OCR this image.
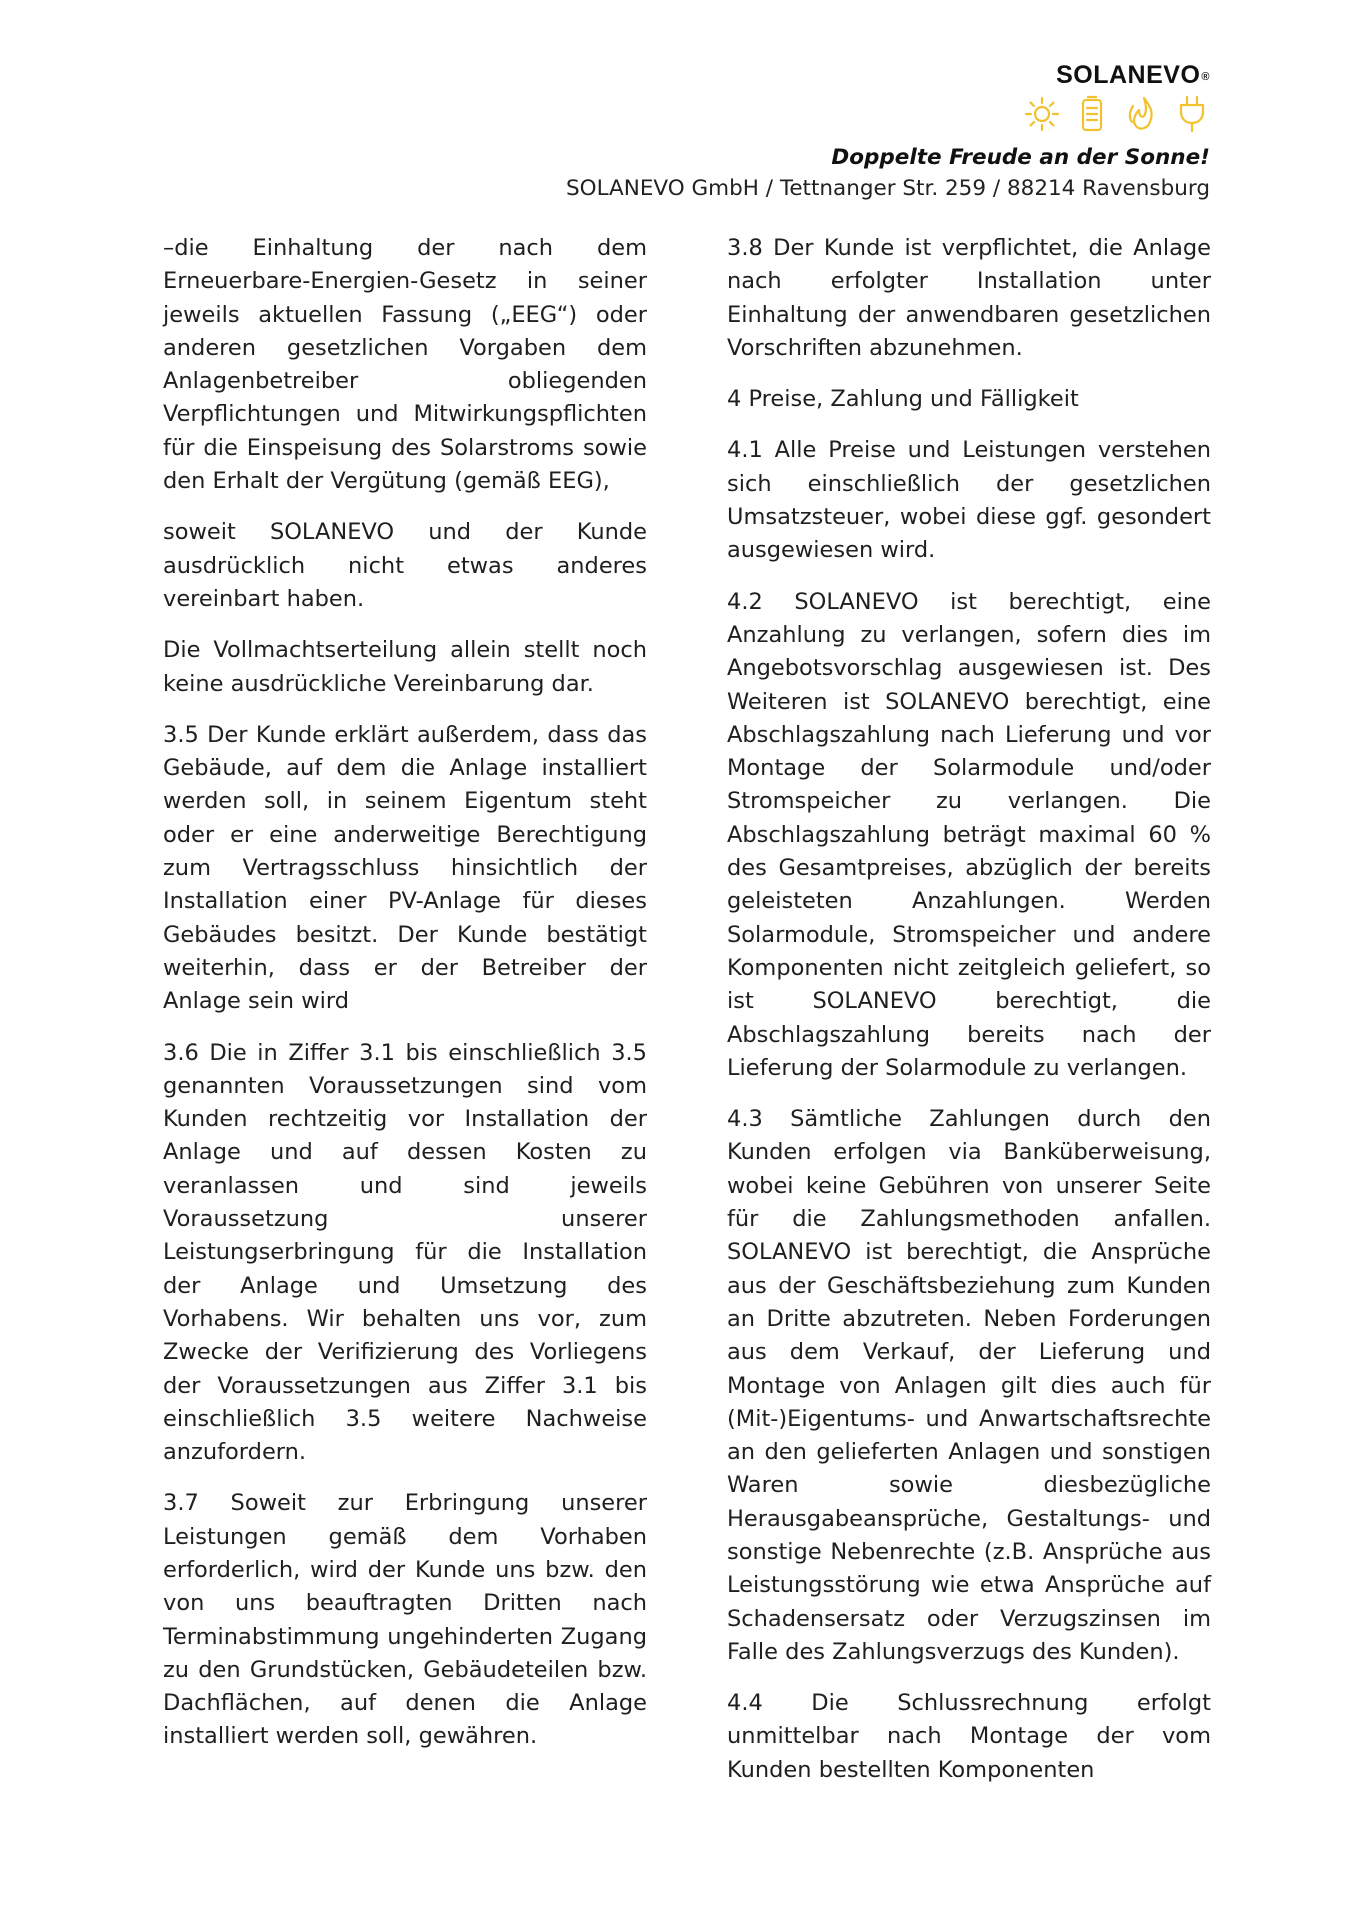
SOLANEVO®
Doppelte Freude an der Sonne!
SOLANEVO GmbH / Tettnanger Str. 259 / 88214 Ravensburg

–die Einhaltung der nach dem Erneuerbare-Energien-Gesetz in seiner jeweils aktuellen Fassung („EEG“) oder anderen gesetzlichen Vorgaben dem Anlagenbetreiber obliegenden Verpflichtungen und Mitwirkungspflichten für die Einspeisung des Solarstroms sowie den Erhalt der Vergütung (gemäß EEG),

soweit SOLANEVO und der Kunde ausdrücklich nicht etwas anderes vereinbart haben.

Die Vollmachtserteilung allein stellt noch keine ausdrückliche Vereinbarung dar.

3.5 Der Kunde erklärt außerdem, dass das Gebäude, auf dem die Anlage installiert werden soll, in seinem Eigentum steht oder er eine anderweitige Berechtigung zum Vertragsschluss hinsichtlich der Installation einer PV-Anlage für dieses Gebäudes besitzt. Der Kunde bestätigt weiterhin, dass er der Betreiber der Anlage sein wird

3.6 Die in Ziffer 3.1 bis einschließlich 3.5 genannten Voraussetzungen sind vom Kunden rechtzeitig vor Installation der Anlage und auf dessen Kosten zu veranlassen und sind jeweils Voraussetzung unserer Leistungserbringung für die Installation der Anlage und Umsetzung des Vorhabens. Wir behalten uns vor, zum Zwecke der Verifizierung des Vorliegens der Voraussetzungen aus Ziffer 3.1 bis einschließlich 3.5 weitere Nachweise anzufordern.

3.7 Soweit zur Erbringung unserer Leistungen gemäß dem Vorhaben erforderlich, wird der Kunde uns bzw. den von uns beauftragten Dritten nach Terminabstimmung ungehinderten Zugang zu den Grundstücken, Gebäudeteilen bzw. Dachflächen, auf denen die Anlage installiert werden soll, gewähren.

3.8 Der Kunde ist verpflichtet, die Anlage nach erfolgter Installation unter Einhaltung der anwendbaren gesetzlichen Vorschriften abzunehmen.

4 Preise, Zahlung und Fälligkeit

4.1 Alle Preise und Leistungen verstehen sich einschließlich der gesetzlichen Umsatzsteuer, wobei diese ggf. gesondert ausgewiesen wird.

4.2 SOLANEVO ist berechtigt, eine Anzahlung zu verlangen, sofern dies im Angebotsvorschlag ausgewiesen ist. Des Weiteren ist SOLANEVO berechtigt, eine Abschlagszahlung nach Lieferung und vor Montage der Solarmodule und/oder Stromspeicher zu verlangen. Die Abschlagszahlung beträgt maximal 60 % des Gesamtpreises, abzüglich der bereits geleisteten Anzahlungen. Werden Solarmodule, Stromspeicher und andere Komponenten nicht zeitgleich geliefert, so ist SOLANEVO berechtigt, die Abschlagszahlung bereits nach der Lieferung der Solarmodule zu verlangen.

4.3 Sämtliche Zahlungen durch den Kunden erfolgen via Banküberweisung, wobei keine Gebühren von unserer Seite für die Zahlungsmethoden anfallen. SOLANEVO ist berechtigt, die Ansprüche aus der Geschäftsbeziehung zum Kunden an Dritte abzutreten. Neben Forderungen aus dem Verkauf, der Lieferung und Montage von Anlagen gilt dies auch für (Mit-)Eigentums- und Anwartschaftsrechte an den gelieferten Anlagen und sonstigen Waren sowie diesbezügliche Herausgabeansprüche, Gestaltungs- und sonstige Nebenrechte (z.B. Ansprüche aus Leistungsstörung wie etwa Ansprüche auf Schadensersatz oder Verzugszinsen im Falle des Zahlungsverzugs des Kunden).

4.4 Die Schlussrechnung erfolgt unmittelbar nach Montage der vom Kunden bestellten Komponenten
